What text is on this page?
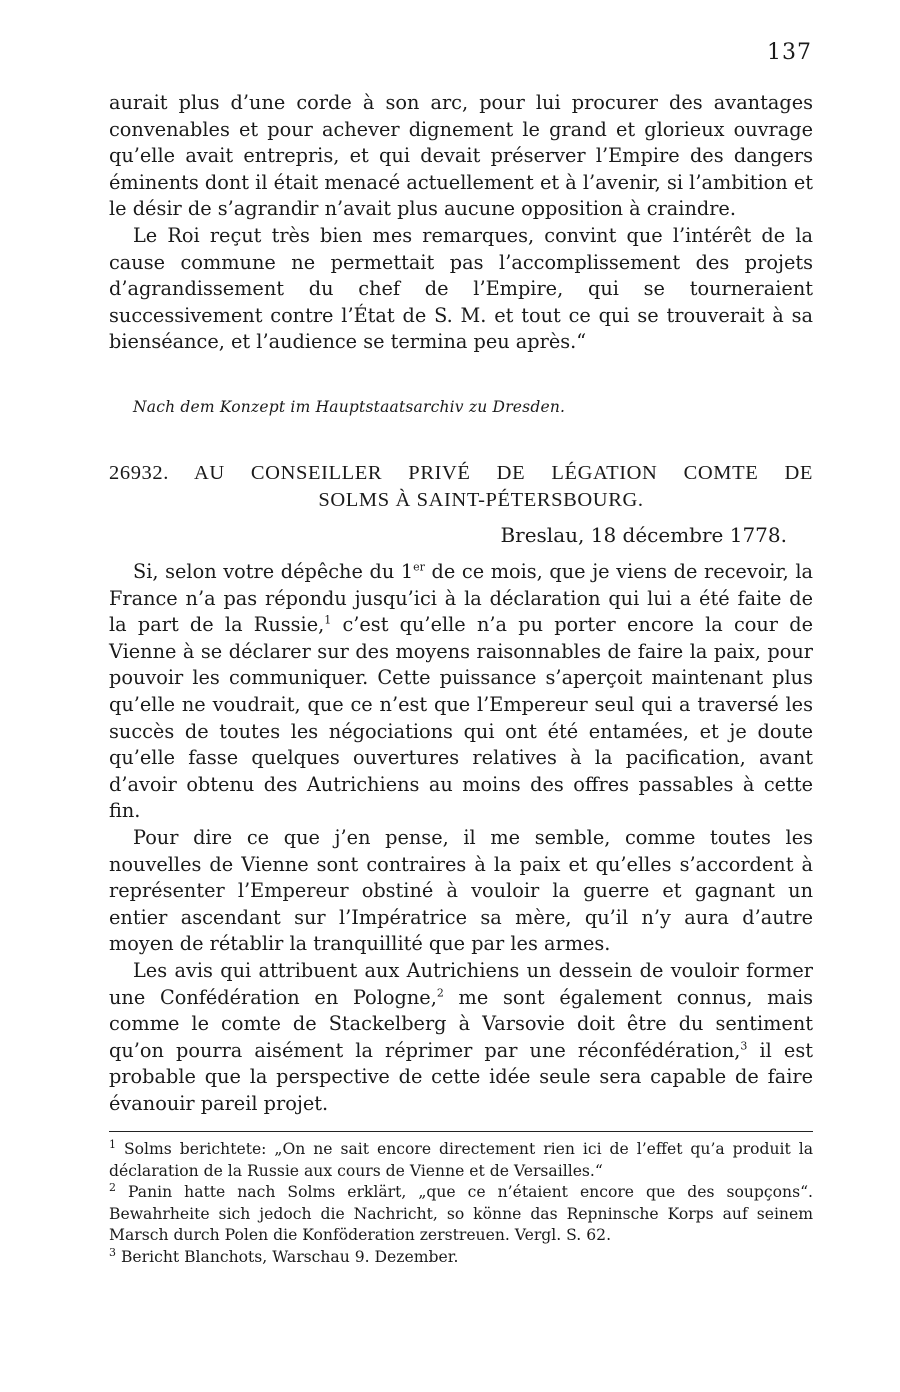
137

aurait plus d’une corde à son arc, pour lui procurer des avantages convenables et pour achever dignement le grand et glorieux ouvrage qu’elle avait entrepris, et qui devait préserver l’Empire des dangers éminents dont il était menacé actuellement et à l’avenir, si l’ambition et le désir de s’agrandir n’avait plus aucune opposition à craindre.

Le Roi reçut très bien mes remarques, convint que l’intérêt de la cause commune ne permettait pas l’accomplissement des projets d’agrandissement du chef de l’Empire, qui se tourneraient successivement contre l’État de S. M. et tout ce qui se trouverait à sa bienséance, et l’audience se termina peu après.“

Nach dem Konzept im Hauptstaatsarchiv zu Dresden.
26932. AU CONSEILLER PRIVÉ DE LÉGATION COMTE DE
SOLMS À SAINT-PÉTERSBOURG.
Breslau, 18 décembre 1778.

Si, selon votre dépêche du 1er de ce mois, que je viens de recevoir, la France n’a pas répondu jusqu’ici à la déclaration qui lui a été faite de la part de la Russie,$^1$ c’est qu’elle n’a pu porter encore la cour de Vienne à se déclarer sur des moyens raisonnables de faire la paix, pour pouvoir les communiquer. Cette puissance s’aperçoit maintenant plus qu’elle ne voudrait, que ce n’est que l’Empereur seul qui a traversé les succès de toutes les négociations qui ont été entamées, et je doute qu’elle fasse quelques ouvertures relatives à la pacification, avant d’avoir obtenu des Autrichiens au moins des offres passables à cette fin.

Pour dire ce que j’en pense, il me semble, comme toutes les nouvelles de Vienne sont contraires à la paix et qu’elles s’accordent à représenter l’Empereur obstiné à vouloir la guerre et gagnant un entier ascendant sur l’Impératrice sa mère, qu’il n’y aura d’autre moyen de rétablir la tranquillité que par les armes.

Les avis qui attribuent aux Autrichiens un dessein de vouloir former une Confédération en Pologne,$^2$ me sont également connus, mais comme le comte de Stackelberg à Varsovie doit être du sentiment qu’on pourra aisément la réprimer par une réconfédération,$^3$ il est probable que la perspective de cette idée seule sera capable de faire évanouir pareil projet.

$^1$ Solms berichtete: „On ne sait encore directement rien ici de l’effet qu’a produit la déclaration de la Russie aux cours de Vienne et de Versailles.“

$^2$ Panin hatte nach Solms erklärt, „que ce n’étaient encore que des soupçons“. Bewahrheite sich jedoch die Nachricht, so könne das Repninsche Korps auf seinem Marsch durch Polen die Konföderation zerstreuen. Vergl. S. 62.

$^3$ Bericht Blanchots, Warschau 9. Dezember.
